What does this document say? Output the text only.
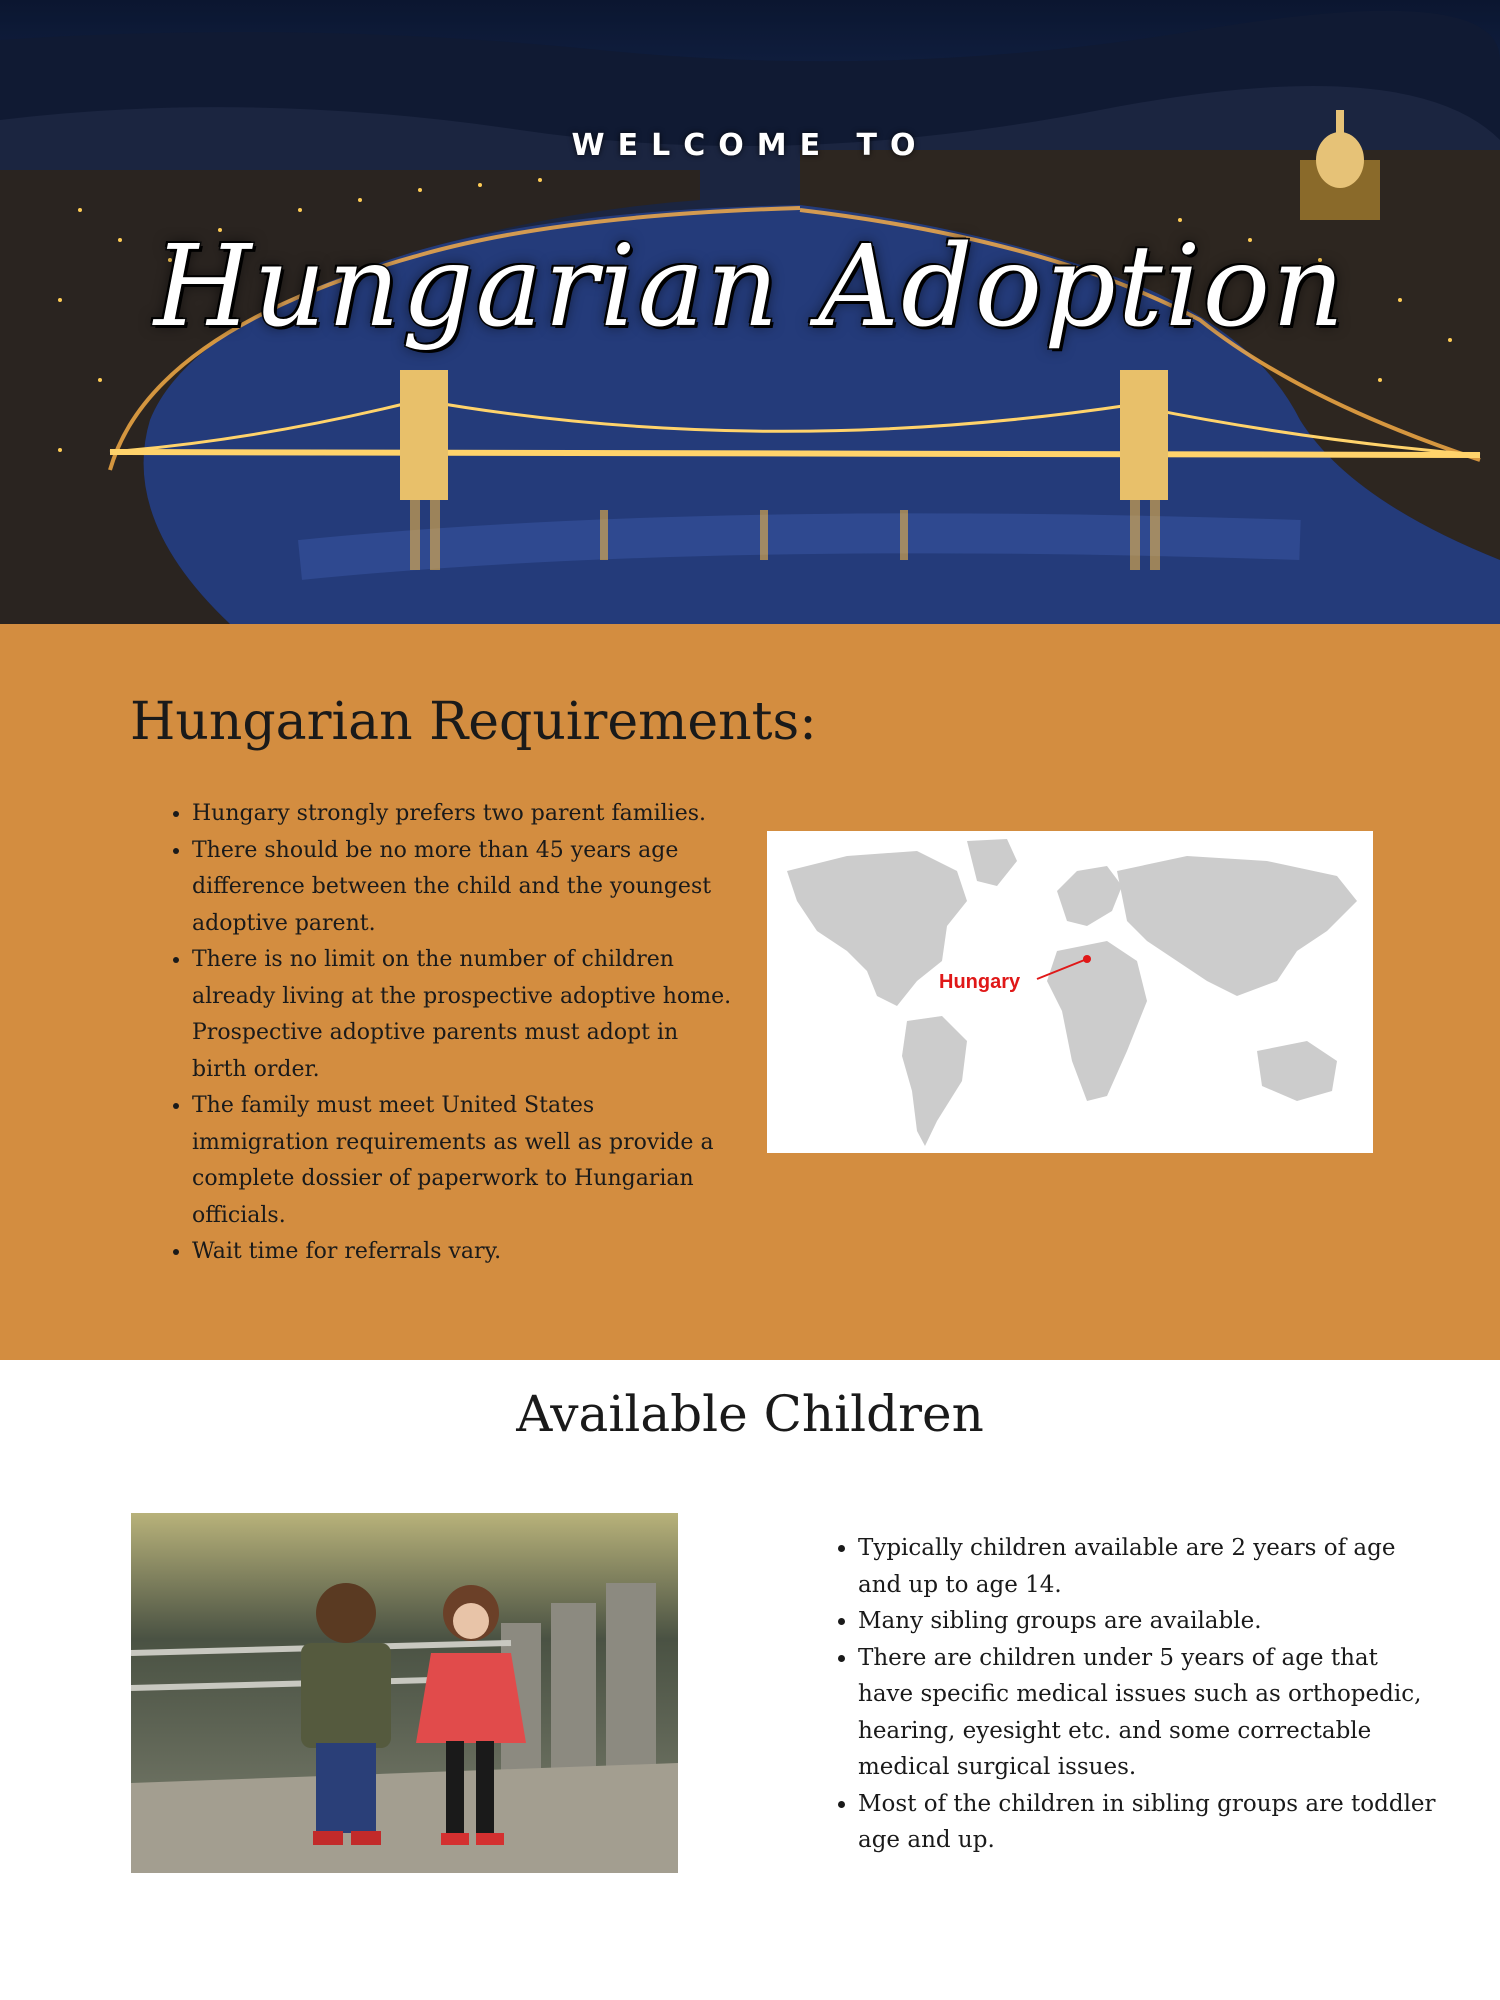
WELCOME TO
Hungarian Adoption
Hungarian Requirements:
• Hungary strongly prefers two parent families.
• There should be no more than 45 years age difference between the child and the youngest adoptive parent.
• There is no limit on the number of children already living at the prospective adoptive home. Prospective adoptive parents must adopt in birth order.
• The family must meet United States immigration requirements as well as provide a complete dossier of paperwork to Hungarian officials.
• Wait time for referrals vary.
Hungary
Available Children
• Typically children available are 2 years of age and up to age 14.
• Many sibling groups are available.
• There are children under 5 years of age that have specific medical issues such as orthopedic, hearing, eyesight etc. and some correctable medical surgical issues.
• Most of the children in sibling groups are toddler age and up.
